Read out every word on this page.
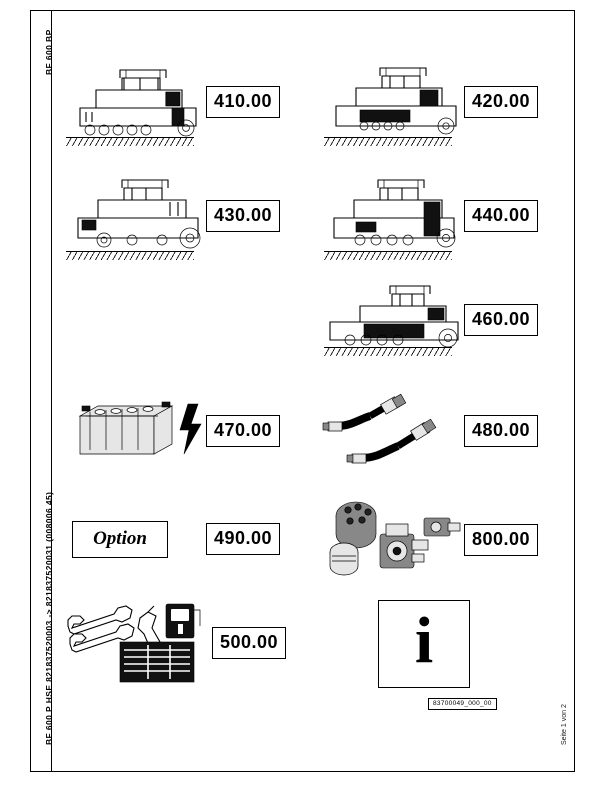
BF 600 BP
BF 600 P HSE 821837520003 -> 821837520031 (008006 45)	Seite 1 von 2
410.00	420.00
430.00	440.00
460.00
470.00	480.00
Option	490.00	800.00
500.00 i
83700049_000_00
